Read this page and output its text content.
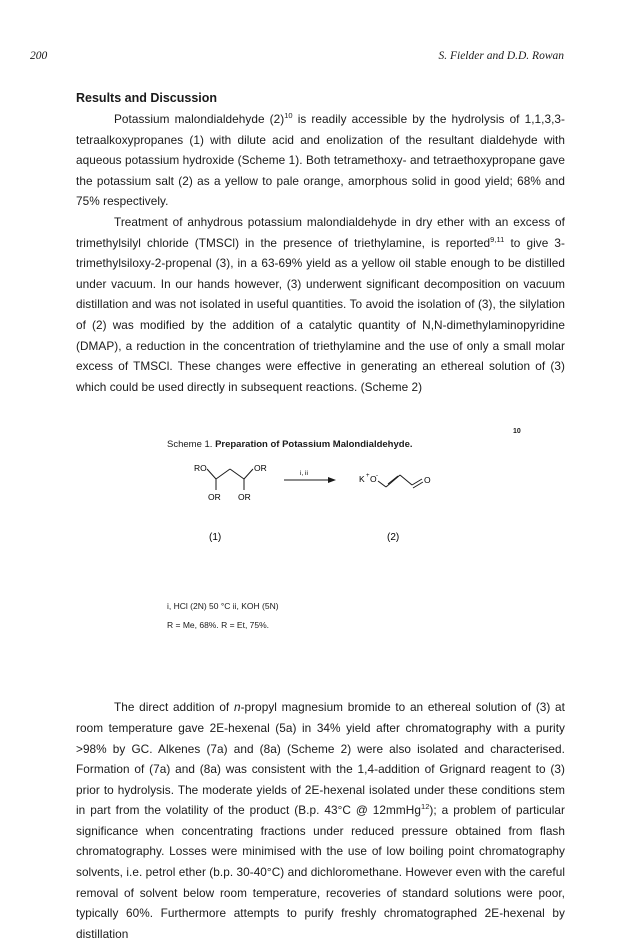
200	S. Fielder and D.D. Rowan

Results and Discussion

Potassium malondialdehyde $(2)^{10}$ is readily accessible by the hydrolysis of 1,1,3,3-tetraalkoxypropanes (1) with dilute acid and enolization of the resultant dialdehyde with aqueous potassium hydroxide (Scheme 1). Both tetramethoxy- and tetraethoxypropane gave the potassium salt (2) as a yellow to pale orange, amorphous solid in good yield; 68% and 75% respectively.

Treatment of anhydrous potassium malondialdehyde in dry ether with an excess of trimethylsilyl chloride (TMSCl) in the presence of triethylamine, is reported$^{9,11}$ to give 3-trimethylsiloxy-2-propenal (3), in a 63-69% yield as a yellow oil stable enough to be distilled under vacuum. In our hands however, (3) underwent significant decomposition on vacuum distillation and was not isolated in useful quantities. To avoid the isolation of (3), the silylation of (2) was modified by the addition of a catalytic quantity of N,N-dimethylaminopyridine (DMAP), a reduction in the concentration of triethylamine and the use of only a small molar excess of TMSCl. These changes were effective in generating an ethereal solution of (3) which could be used directly in subsequent reactions. (Scheme 2)

10
Scheme 1. Preparation of Potassium Malondialdehyde.
RO	OR
OR OR
(1)
i, ii
K + O -	O
(2)
i, HCl (2N) 50 °C ii, KOH (5N)
R = Me, 68%. R = Et, 75%.

The direct addition of n-propyl magnesium bromide to an ethereal solution of (3) at room temperature gave 2E-hexenal (5a) in 34% yield after chromatography with a purity >98% by GC. Alkenes (7a) and (8a) (Scheme 2) were also isolated and characterised. Formation of (7a) and (8a) was consistent with the 1,4-addition of Grignard reagent to (3) prior to hydrolysis. The moderate yields of 2E-hexenal isolated under these conditions stem in part from the volatility of the product (B.p. 43°C @ 12mmHg$^{12}$); a problem of particular significance when concentrating fractions under reduced pressure obtained from flash chromatography. Losses were minimised with the use of low boiling point chromatography solvents, i.e. petrol ether (b.p. 30-40°C) and dichloromethane. However even with the careful removal of solvent below room temperature, recoveries of standard solutions were poor, typically 60%. Furthermore attempts to purify freshly chromatographed 2E-hexenal by distillation
